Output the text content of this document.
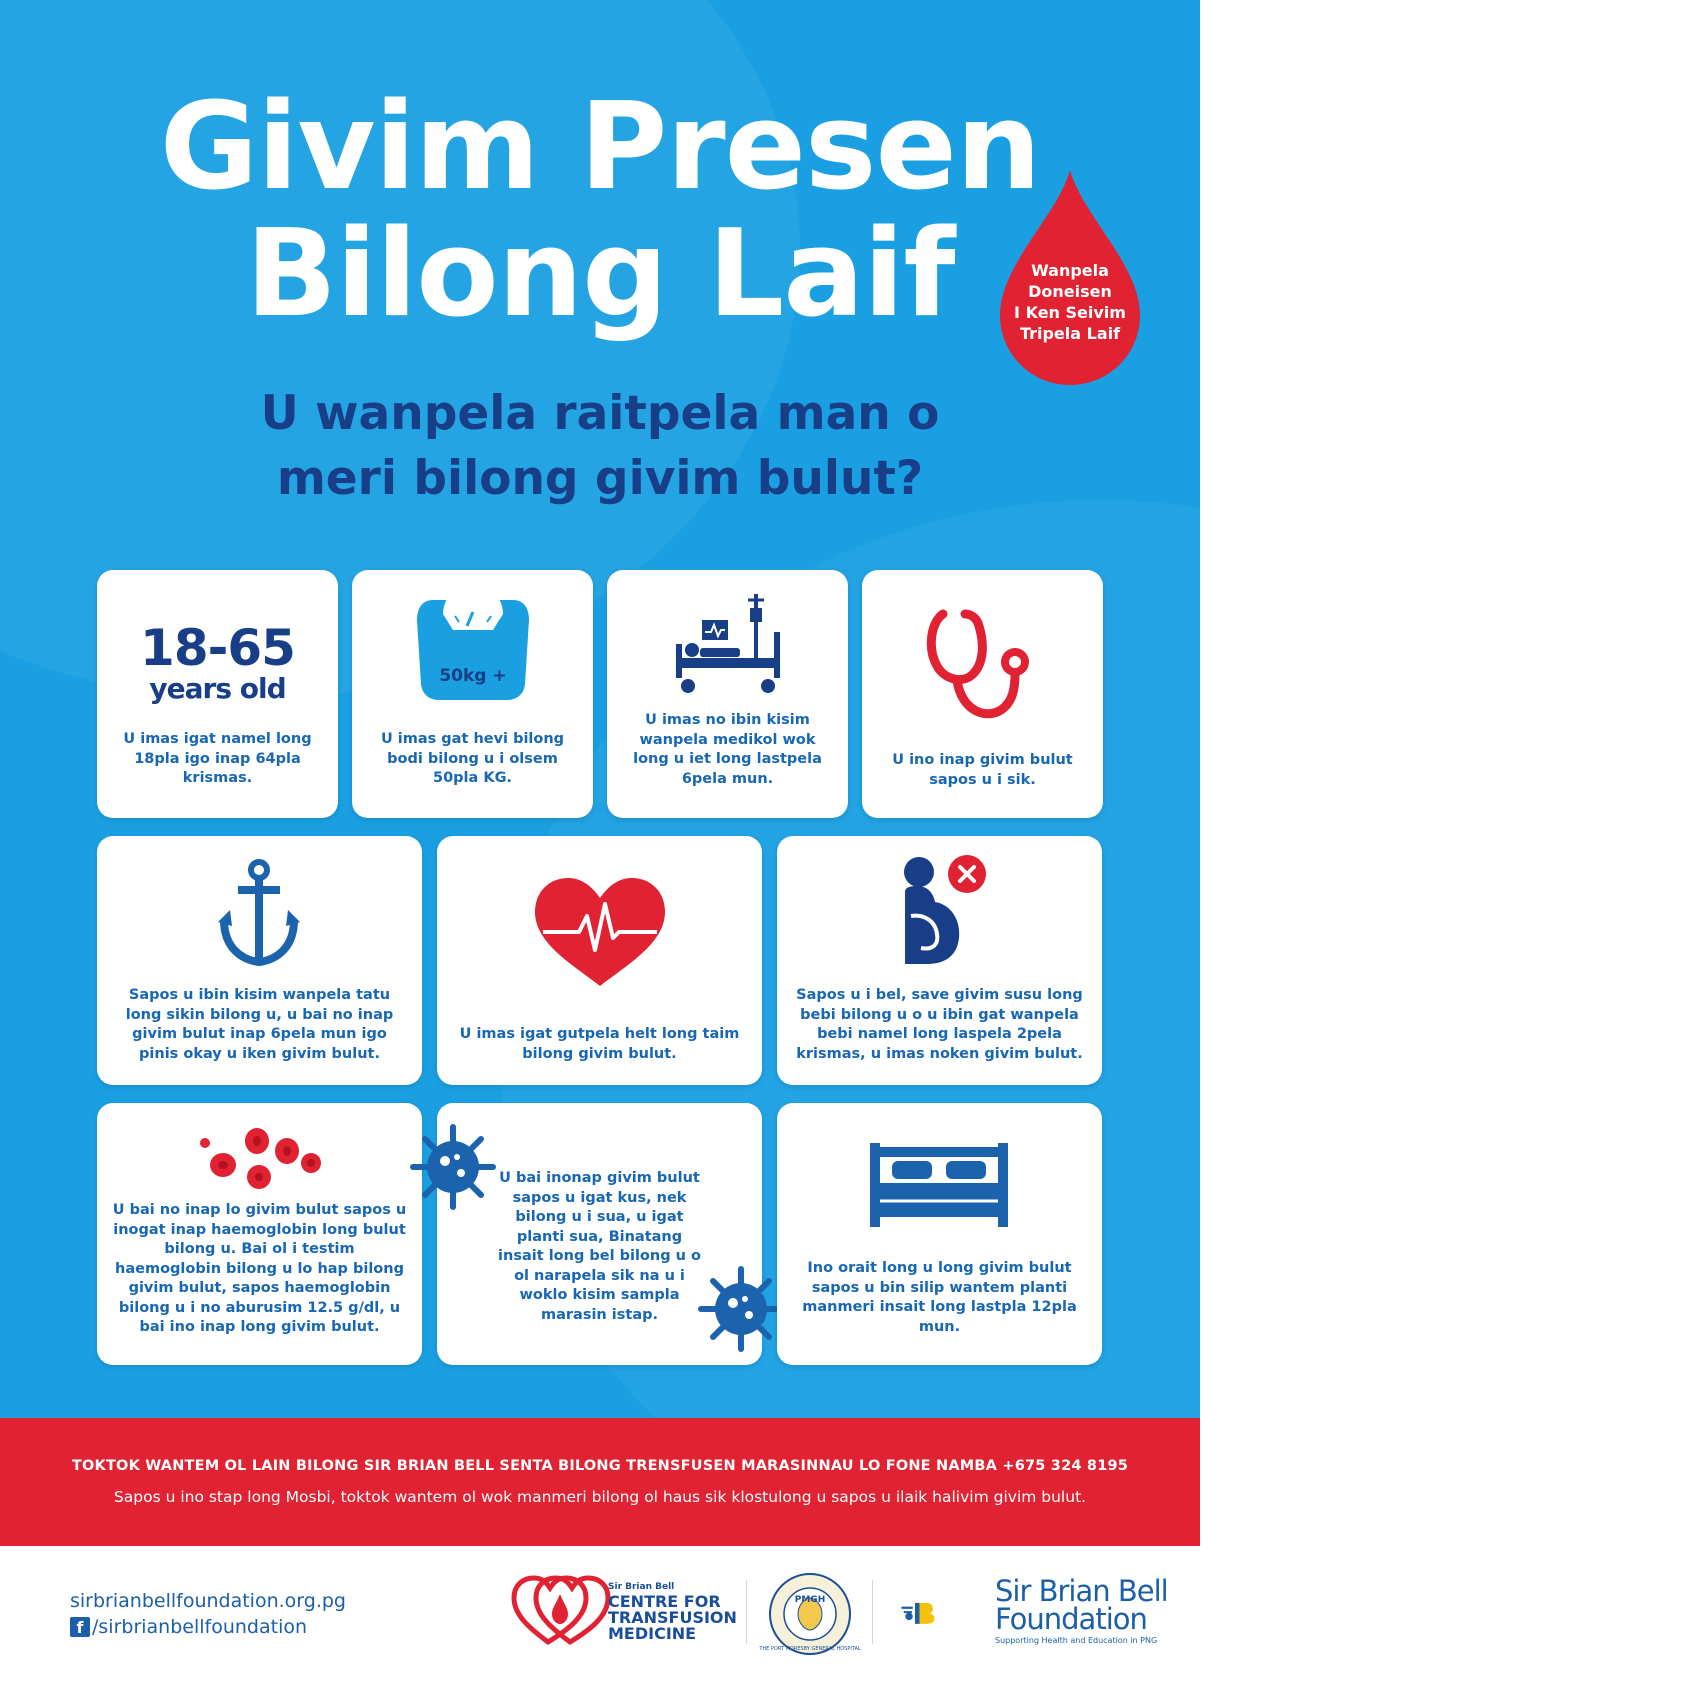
Givim Presen
Bilong Laif	Wanpela
Doneisen
I Ken Seivim
Tripela Laif
U wanpela raitpela man o
meri bilong givim bulut?
18-65
years old
U imas igat namel long 18pla igo inap 64pla krismas.
50kg +
U imas gat hevi bilong bodi bilong u i olsem 50pla KG.
U imas no ibin kisim wanpela medikol wok long u iet long lastpela 6pela mun.
U ino inap givim bulut sapos u i sik.
Sapos u ibin kisim wanpela tatu long sikin bilong u, u bai no inap givim bulut inap 6pela mun igo pinis okay u iken givim bulut.
U imas igat gutpela helt long taim bilong givim bulut.
Sapos u i bel, save givim susu long bebi bilong u o u ibin gat wanpela bebi namel long laspela 2pela krismas, u imas noken givim bulut.
U bai no inap lo givim bulut sapos u inogat inap haemoglobin long bulut bilong u. Bai ol i testim haemoglobin bilong u lo hap bilong givim bulut, sapos haemoglobin bilong u i no aburusim 12.5 g/dl, u bai ino inap long givim bulut.
U bai inonap givim bulut sapos u igat kus, nek bilong u i sua, u igat planti sua, Binatang insait long bel bilong u o ol narapela sik na u i woklo kisim sampla marasin istap.
Ino orait long u long givim bulut sapos u bin silip wantem planti manmeri insait long lastpla 12pla mun.
TOKTOK WANTEM OL LAIN BILONG SIR BRIAN BELL SENTA BILONG TRENSFUSEN MARASINNAU LO FONE NAMBA +675 324 8195
Sapos u ino stap long Mosbi, toktok wantem ol wok manmeri bilong ol haus sik klostulong u sapos u ilaik halivim givim bulut.
sirbrianbellfoundation.org.pg
f /sirbrianbellfoundation
Sir Brian Bell
CENTRE FOR
TRANSFUSION
MEDICINE
PMGH
THE PORT MORESBY GENERAL HOSPITAL
Sir Brian Bell
Foundation
Supporting Health and Education in PNG
